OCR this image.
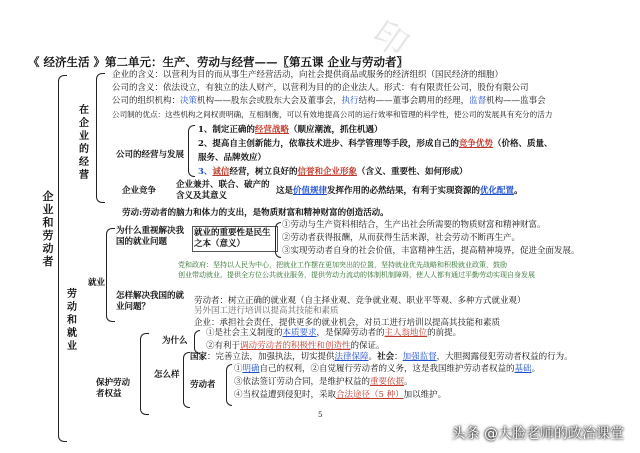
印
《 经济生活 》第二单元：生产、劳动与经营——〖第五课 企业与劳动者〗
企业和劳动者
在企业的经营
企业的含义：以营利为目的而从事生产经营活动，向社会提供商品或服务的经济组织（国民经济的细胞）
公司的含义：依法设立，有独立的法人财产，以营利为目的的企业法人。形式：有有限责任公司，股份有限公司
公司的组织机构：决策机构——股东会或股东大会及董事会，执行结构——董事会聘用的经理，监督机构——监事会
公司制的优点：这些机构之间权责明确，互相制衡，可以有效地提高公司的运行效率和管理的科学性，使公司的发展具有充分的活力
公司的经营与发展
1、制定正确的经营战略（顺应潮流，抓住机遇）
2、提高自主创新能力，依靠技术进步、科学管理等手段，形成自己的竞争优势（价格、质量、
服务、品牌效应）
3、诚信经营，树立良好的信誉和企业形象（含义、重要性、如何形成）
企业竞争
企业兼并、联合、破产的含义及其意义	这是价值规律发挥作用的必然结果，有利于实现资源的优化配置。
劳动和就业
劳动:劳动者的脑力和体力的支出，是物质财富和精神财富的创造活动。
就业
为什么重视解决我国的就业问题
就业的重要性是民生之本（意义）
①劳动与生产资料相结合，生产出社会所需要的物质财富和精神财富。
②劳动者获得报酬，从而获得生活来源，社会劳动不断再生产。
③实现劳动者自身的社会价值，丰富精神生活，提高精神境界，促进全面发展。
党和政府：坚持以人民为中心，把就业工作摆在更加突出的位置，坚持就业优先战略和积极就业政策，鼓励
创业带动就业，提供全方位公共就业服务，提供劳动力流动的体制机制障碍，使人人都有通过平勤劳动实现自身发展
怎样解决我国的就业问题？
劳动者：树立正确的就业观（自主择业观、竞争就业观、职业平等观、多种方式就业观）
另外国工进行培训以提高其技能和素质
企业：承担社会责任，提供更多的就业机会，对员工进行培训以提高其技能和素质
保护劳动者权益
为什么
①是社会主义制度的本质要求，是保障劳动者的主人翁地位的前提。
②有利于调动劳动者的积极性和创造性的保证。
怎么样
国家：完善立法，加强执法，切实提供法律保障。社会：加强监督，大胆揭露侵犯劳动者权益的行为。
劳动者
①明确自己的权利，②自觉履行劳动者的义务，这是我国维护劳动者权益的基础。
③依法签订劳动合同，是维护权益的重要依据。
④当权益遭到侵犯时，采取合法途径（5 种）加以维护。
5
头条 @大脸老师的政治课堂
